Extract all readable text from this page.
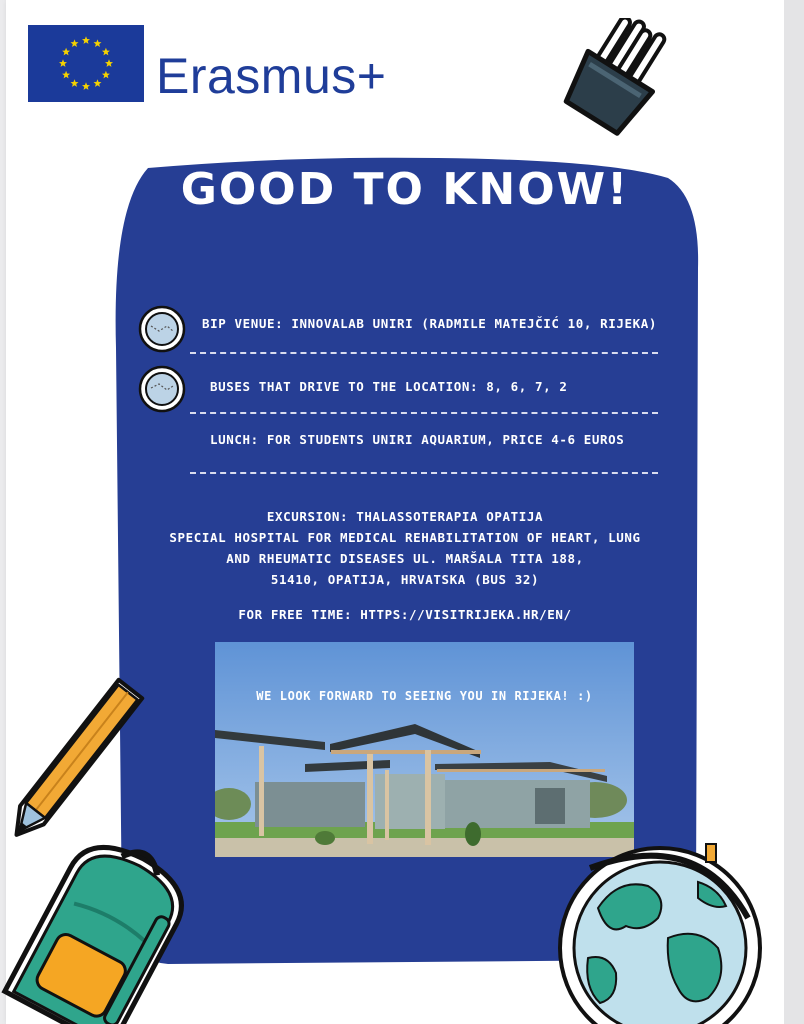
Erasmus+
GOOD TO KNOW!
BIP VENUE: INNOVALAB UNIRI (RADMILE MATEJČIĆ 10, RIJEKA)
BUSES THAT DRIVE TO THE LOCATION: 8, 6, 7, 2
LUNCH: FOR STUDENTS UNIRI AQUARIUM, PRICE 4-6 EUROS
EXCURSION: THALASSOTERAPIA OPATIJA
SPECIAL HOSPITAL FOR MEDICAL REHABILITATION OF HEART, LUNG
AND RHEUMATIC DISEASES UL. MARŠALA TITA 188,
51410, OPATIJA, HRVATSKA (BUS 32)
FOR FREE TIME: HTTPS://VISITRIJEKA.HR/EN/
WE LOOK FORWARD TO SEEING YOU IN RIJEKA! :)
